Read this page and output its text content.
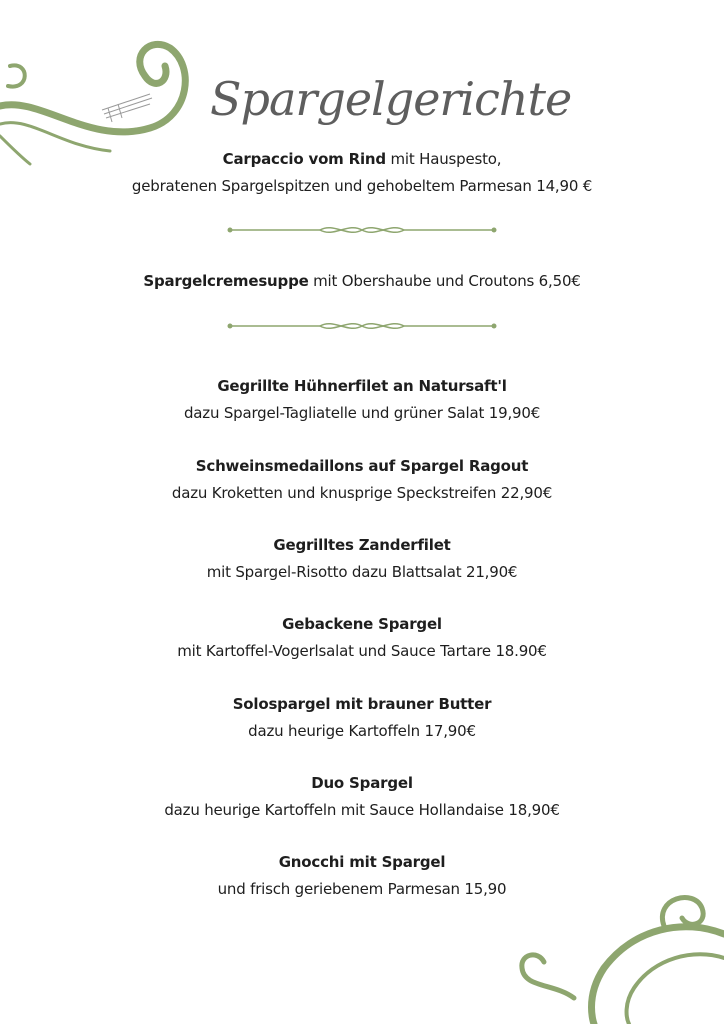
Spargelgerichte
Carpaccio vom Rind mit Hauspesto,
gebratenen Spargelspitzen und gehobeltem Parmesan 14,90 €
Spargelcremesuppe mit Obershaube und Croutons 6,50€
Gegrillte Hühnerfilet an Natursaft'l
dazu Spargel-Tagliatelle und grüner Salat 19,90€
Schweinsmedaillons auf Spargel Ragout
dazu Kroketten und knusprige Speckstreifen 22,90€
Gegrilltes Zanderfilet
mit Spargel-Risotto dazu Blattsalat 21,90€
Gebackene Spargel
mit Kartoffel-Vogerlsalat und Sauce Tartare 18.90€
Solospargel mit brauner Butter
dazu heurige Kartoffeln 17,90€
Duo Spargel
dazu heurige Kartoffeln mit Sauce Hollandaise 18,90€
Gnocchi mit Spargel
und frisch geriebenem Parmesan 15,90
